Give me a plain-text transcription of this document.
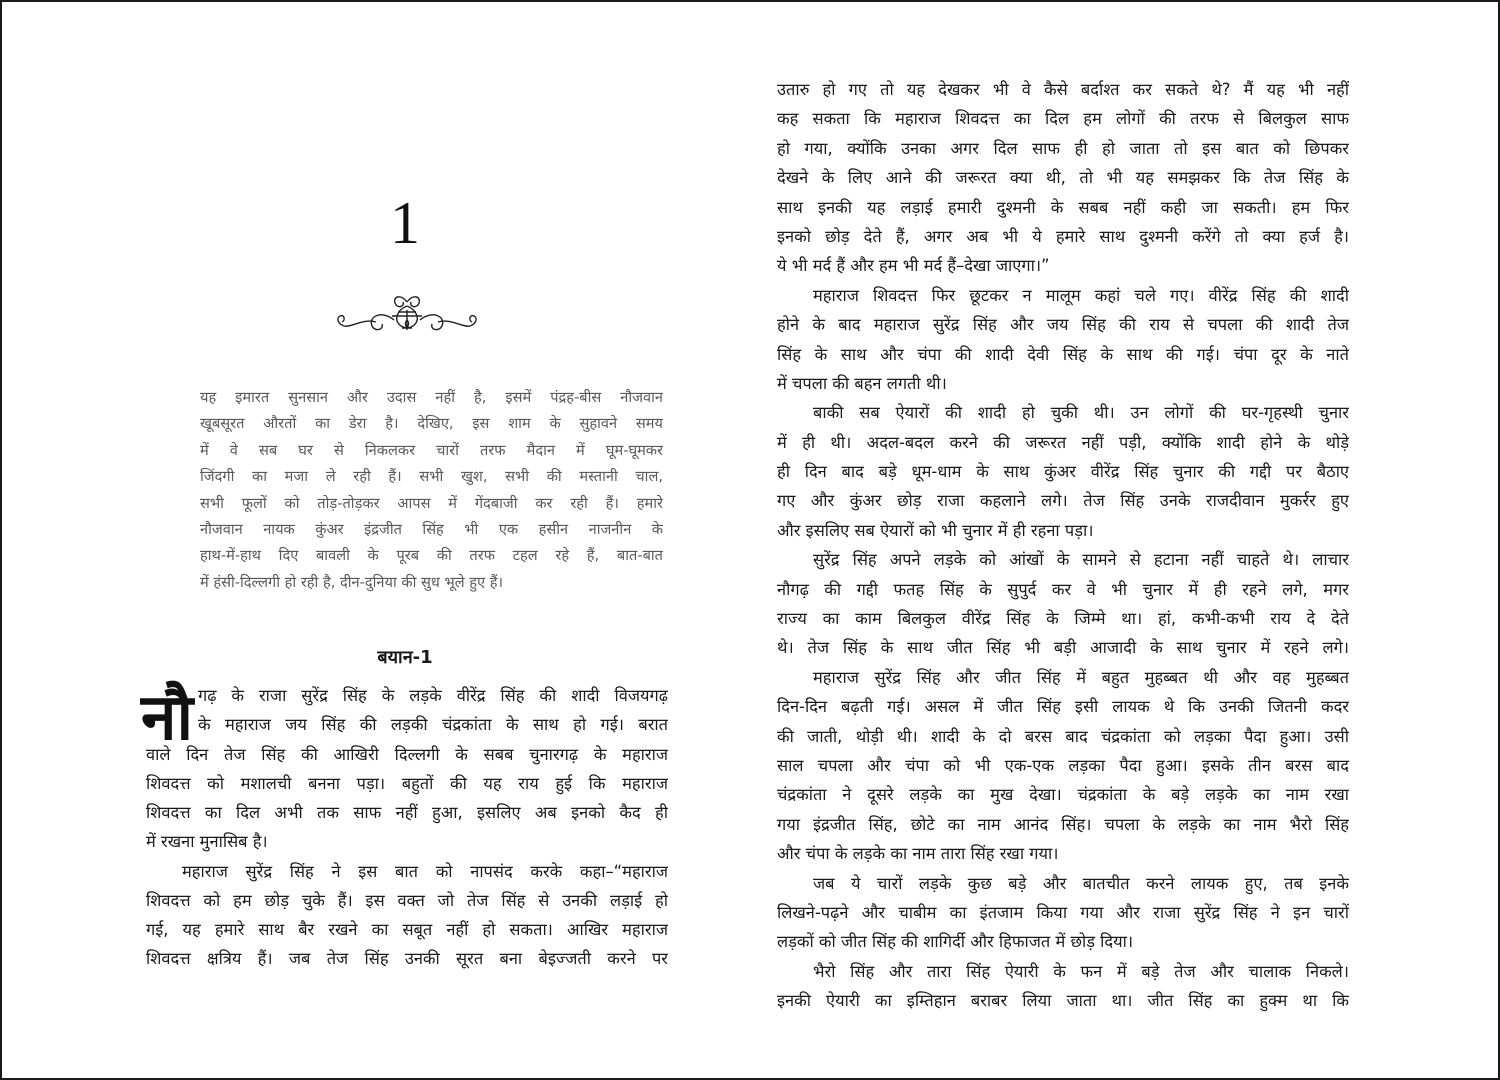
1

यह इमारत सुनसान और उदास नहीं है, इसमें पंद्रह-बीस नौजवान
खूबसूरत औरतों का डेरा है। देखिए, इस शाम के सुहावने समय
में वे सब घर से निकलकर चारों तरफ मैदान में घूम-घूमकर
जिंदगी का मजा ले रही हैं। सभी खुश, सभी की मस्तानी चाल,
सभी फूलों को तोड़-तोड़कर आपस में गेंदबाजी कर रही हैं। हमारे
नौजवान नायक कुंअर इंद्रजीत सिंह भी एक हसीन नाजनीन के
हाथ-में-हाथ दिए बावली के पूरब की तरफ टहल रहे हैं, बात-बात
में हंसी-दिल्लगी हो रही है, दीन-दुनिया की सुध भूले हुए हैं।

बयान-1
नौ गढ़ के राजा सुरेंद्र सिंह के लड़के वीरेंद्र सिंह की शादी विजयगढ़
के महाराज जय सिंह की लड़की चंद्रकांता के साथ हो गई। बरात
वाले दिन तेज सिंह की आखिरी दिल्लगी के सबब चुनारगढ़ के महाराज
शिवदत्त को मशालची बनना पड़ा। बहुतों की यह राय हुई कि महाराज
शिवदत्त का दिल अभी तक साफ नहीं हुआ, इसलिए अब इनको कैद ही
में रखना मुनासिब है।
महाराज सुरेंद्र सिंह ने इस बात को नापसंद करके कहा–“महाराज
शिवदत्त को हम छोड़ चुके हैं। इस वक्त जो तेज सिंह से उनकी लड़ाई हो
गई, यह हमारे साथ बैर रखने का सबूत नहीं हो सकता। आखिर महाराज
शिवदत्त क्षत्रिय हैं। जब तेज सिंह उनकी सूरत बना बेइज्जती करने पर
उतारु हो गए तो यह देखकर भी वे कैसे बर्दाश्त कर सकते थे? मैं यह भी नहीं
कह सकता कि महाराज शिवदत्त का दिल हम लोगों की तरफ से बिलकुल साफ
हो गया, क्योंकि उनका अगर दिल साफ ही हो जाता तो इस बात को छिपकर
देखने के लिए आने की जरूरत क्या थी, तो भी यह समझकर कि तेज सिंह के
साथ इनकी यह लड़ाई हमारी दुश्मनी के सबब नहीं कही जा सकती। हम फिर
इनको छोड़ देते हैं, अगर अब भी ये हमारे साथ दुश्मनी करेंगे तो क्या हर्ज है।
ये भी मर्द हैं और हम भी मर्द हैं–देखा जाएगा।”
महाराज शिवदत्त फिर छूटकर न मालूम कहां चले गए। वीरेंद्र सिंह की शादी
होने के बाद महाराज सुरेंद्र सिंह और जय सिंह की राय से चपला की शादी तेज
सिंह के साथ और चंपा की शादी देवी सिंह के साथ की गई। चंपा दूर के नाते
में चपला की बहन लगती थी।
बाकी सब ऐयारों की शादी हो चुकी थी। उन लोगों की घर-गृहस्थी चुनार
में ही थी। अदल-बदल करने की जरूरत नहीं पड़ी, क्योंकि शादी होने के थोड़े
ही दिन बाद बड़े धूम-धाम के साथ कुंअर वीरेंद्र सिंह चुनार की गद्दी पर बैठाए
गए और कुंअर छोड़ राजा कहलाने लगे। तेज सिंह उनके राजदीवान मुकर्रर हुए
और इसलिए सब ऐयारों को भी चुनार में ही रहना पड़ा।
सुरेंद्र सिंह अपने लड़के को आंखों के सामने से हटाना नहीं चाहते थे। लाचार
नौगढ़ की गद्दी फतह सिंह के सुपुर्द कर वे भी चुनार में ही रहने लगे, मगर
राज्य का काम बिलकुल वीरेंद्र सिंह के जिम्मे था। हां, कभी-कभी राय दे देते
थे। तेज सिंह के साथ जीत सिंह भी बड़ी आजादी के साथ चुनार में रहने लगे।
महाराज सुरेंद्र सिंह और जीत सिंह में बहुत मुहब्बत थी और वह मुहब्बत
दिन-दिन बढ़ती गई। असल में जीत सिंह इसी लायक थे कि उनकी जितनी कदर
की जाती, थोड़ी थी। शादी के दो बरस बाद चंद्रकांता को लड़का पैदा हुआ। उसी
साल चपला और चंपा को भी एक-एक लड़का पैदा हुआ। इसके तीन बरस बाद
चंद्रकांता ने दूसरे लड़के का मुख देखा। चंद्रकांता के बड़े लड़के का नाम रखा
गया इंद्रजीत सिंह, छोटे का नाम आनंद सिंह। चपला के लड़के का नाम भैरो सिंह
और चंपा के लड़के का नाम तारा सिंह रखा गया।
जब ये चारों लड़के कुछ बड़े और बातचीत करने लायक हुए, तब इनके
लिखने-पढ़ने और चाबीम का इंतजाम किया गया और राजा सुरेंद्र सिंह ने इन चारों
लड़कों को जीत सिंह की शागिर्दी और हिफाजत में छोड़ दिया।
भैरो सिंह और तारा सिंह ऐयारी के फन में बड़े तेज और चालाक निकले।
इनकी ऐयारी का इम्तिहान बराबर लिया जाता था। जीत सिंह का हुक्म था कि
